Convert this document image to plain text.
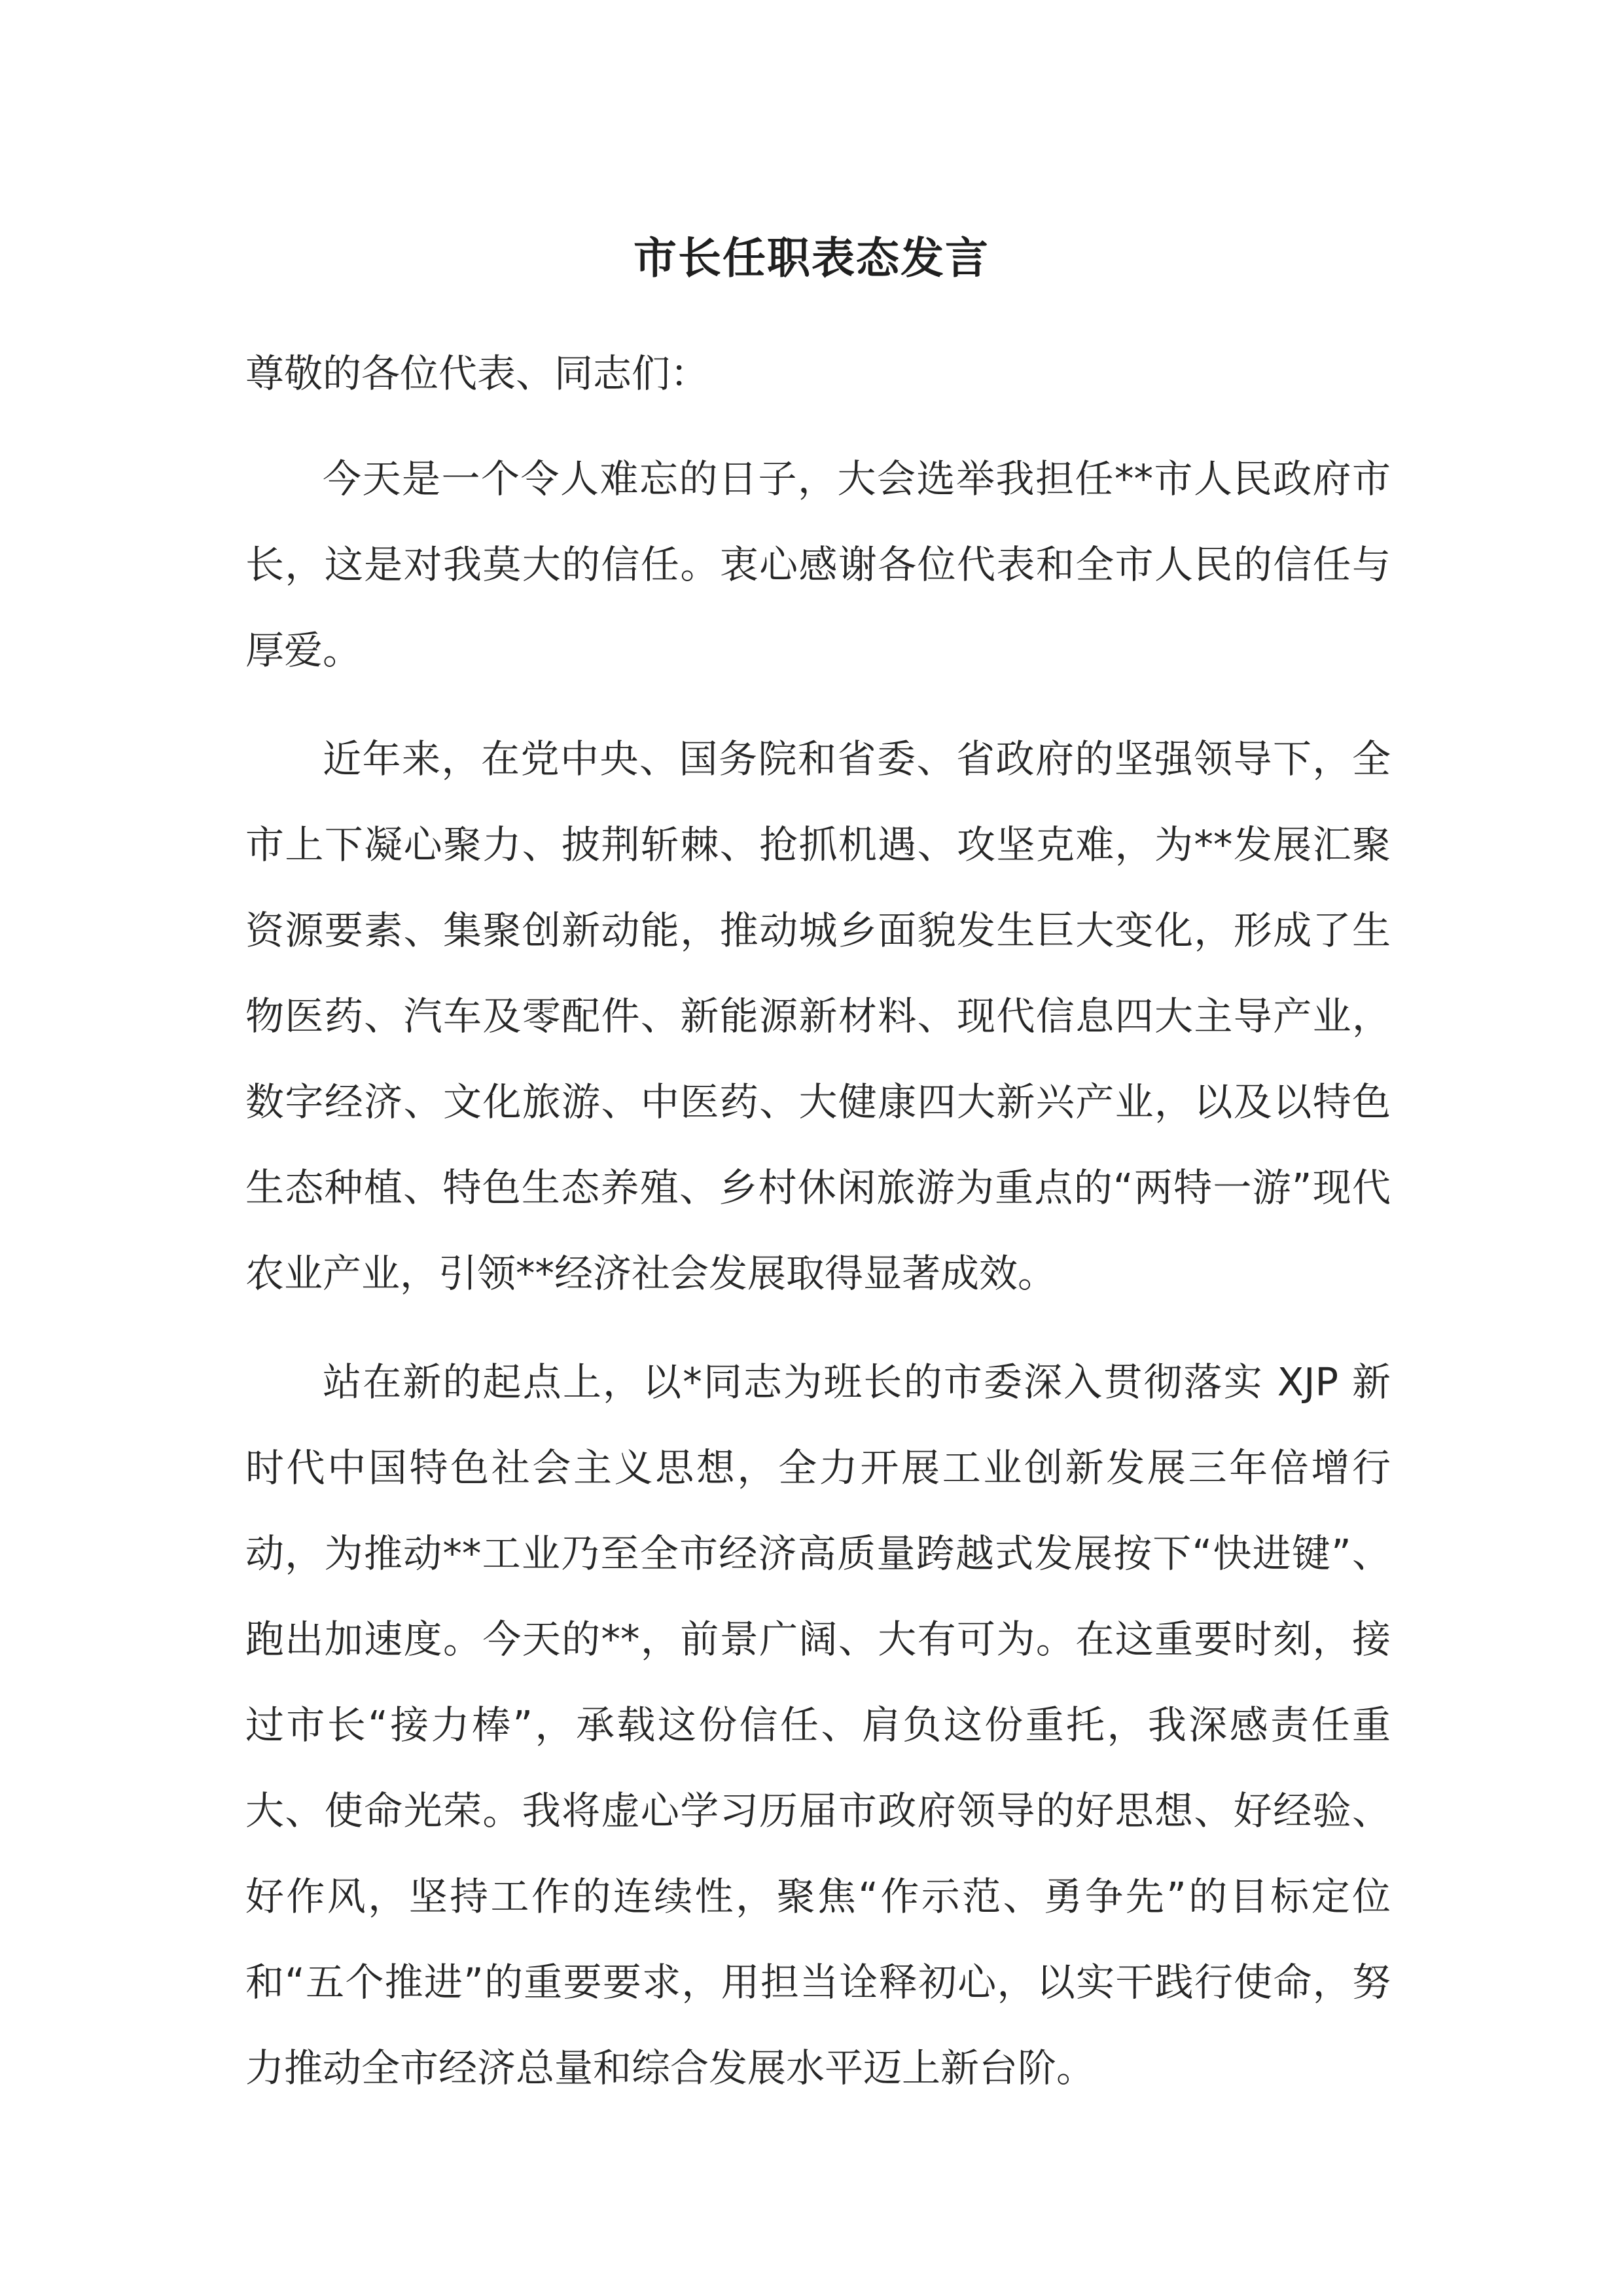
市长任职表态发言

尊敬的各位代表、同志们：

今天是一个令人难忘的日子，大会选举我担任**市人民政府市长，这是对我莫大的信任。衷心感谢各位代表和全市人民的信任与厚爱。

近年来，在党中央、国务院和省委、省政府的坚强领导下，全市上下凝心聚力、披荆斩棘、抢抓机遇、攻坚克难，为**发展汇聚资源要素、集聚创新动能，推动城乡面貌发生巨大变化，形成了生物医药、汽车及零配件、新能源新材料、现代信息四大主导产业，数字经济、文化旅游、中医药、大健康四大新兴产业，以及以特色生态种植、特色生态养殖、乡村休闲旅游为重点的“两特一游”现代农业产业，引领**经济社会发展取得显著成效。

站在新的起点上，以*同志为班长的市委深入贯彻落实 XJP 新时代中国特色社会主义思想，全力开展工业创新发展三年倍增行动，为推动**工业乃至全市经济高质量跨越式发展按下“快进键”、跑出加速度。今天的**，前景广阔、大有可为。在这重要时刻，接过市长“接力棒”，承载这份信任、肩负这份重托，我深感责任重大、使命光荣。我将虚心学习历届市政府领导的好思想、好经验、好作风，坚持工作的连续性，聚焦“作示范、勇争先”的目标定位和“五个推进”的重要要求，用担当诠释初心，以实干践行使命，努力推动全市经济总量和综合发展水平迈上新台阶。
